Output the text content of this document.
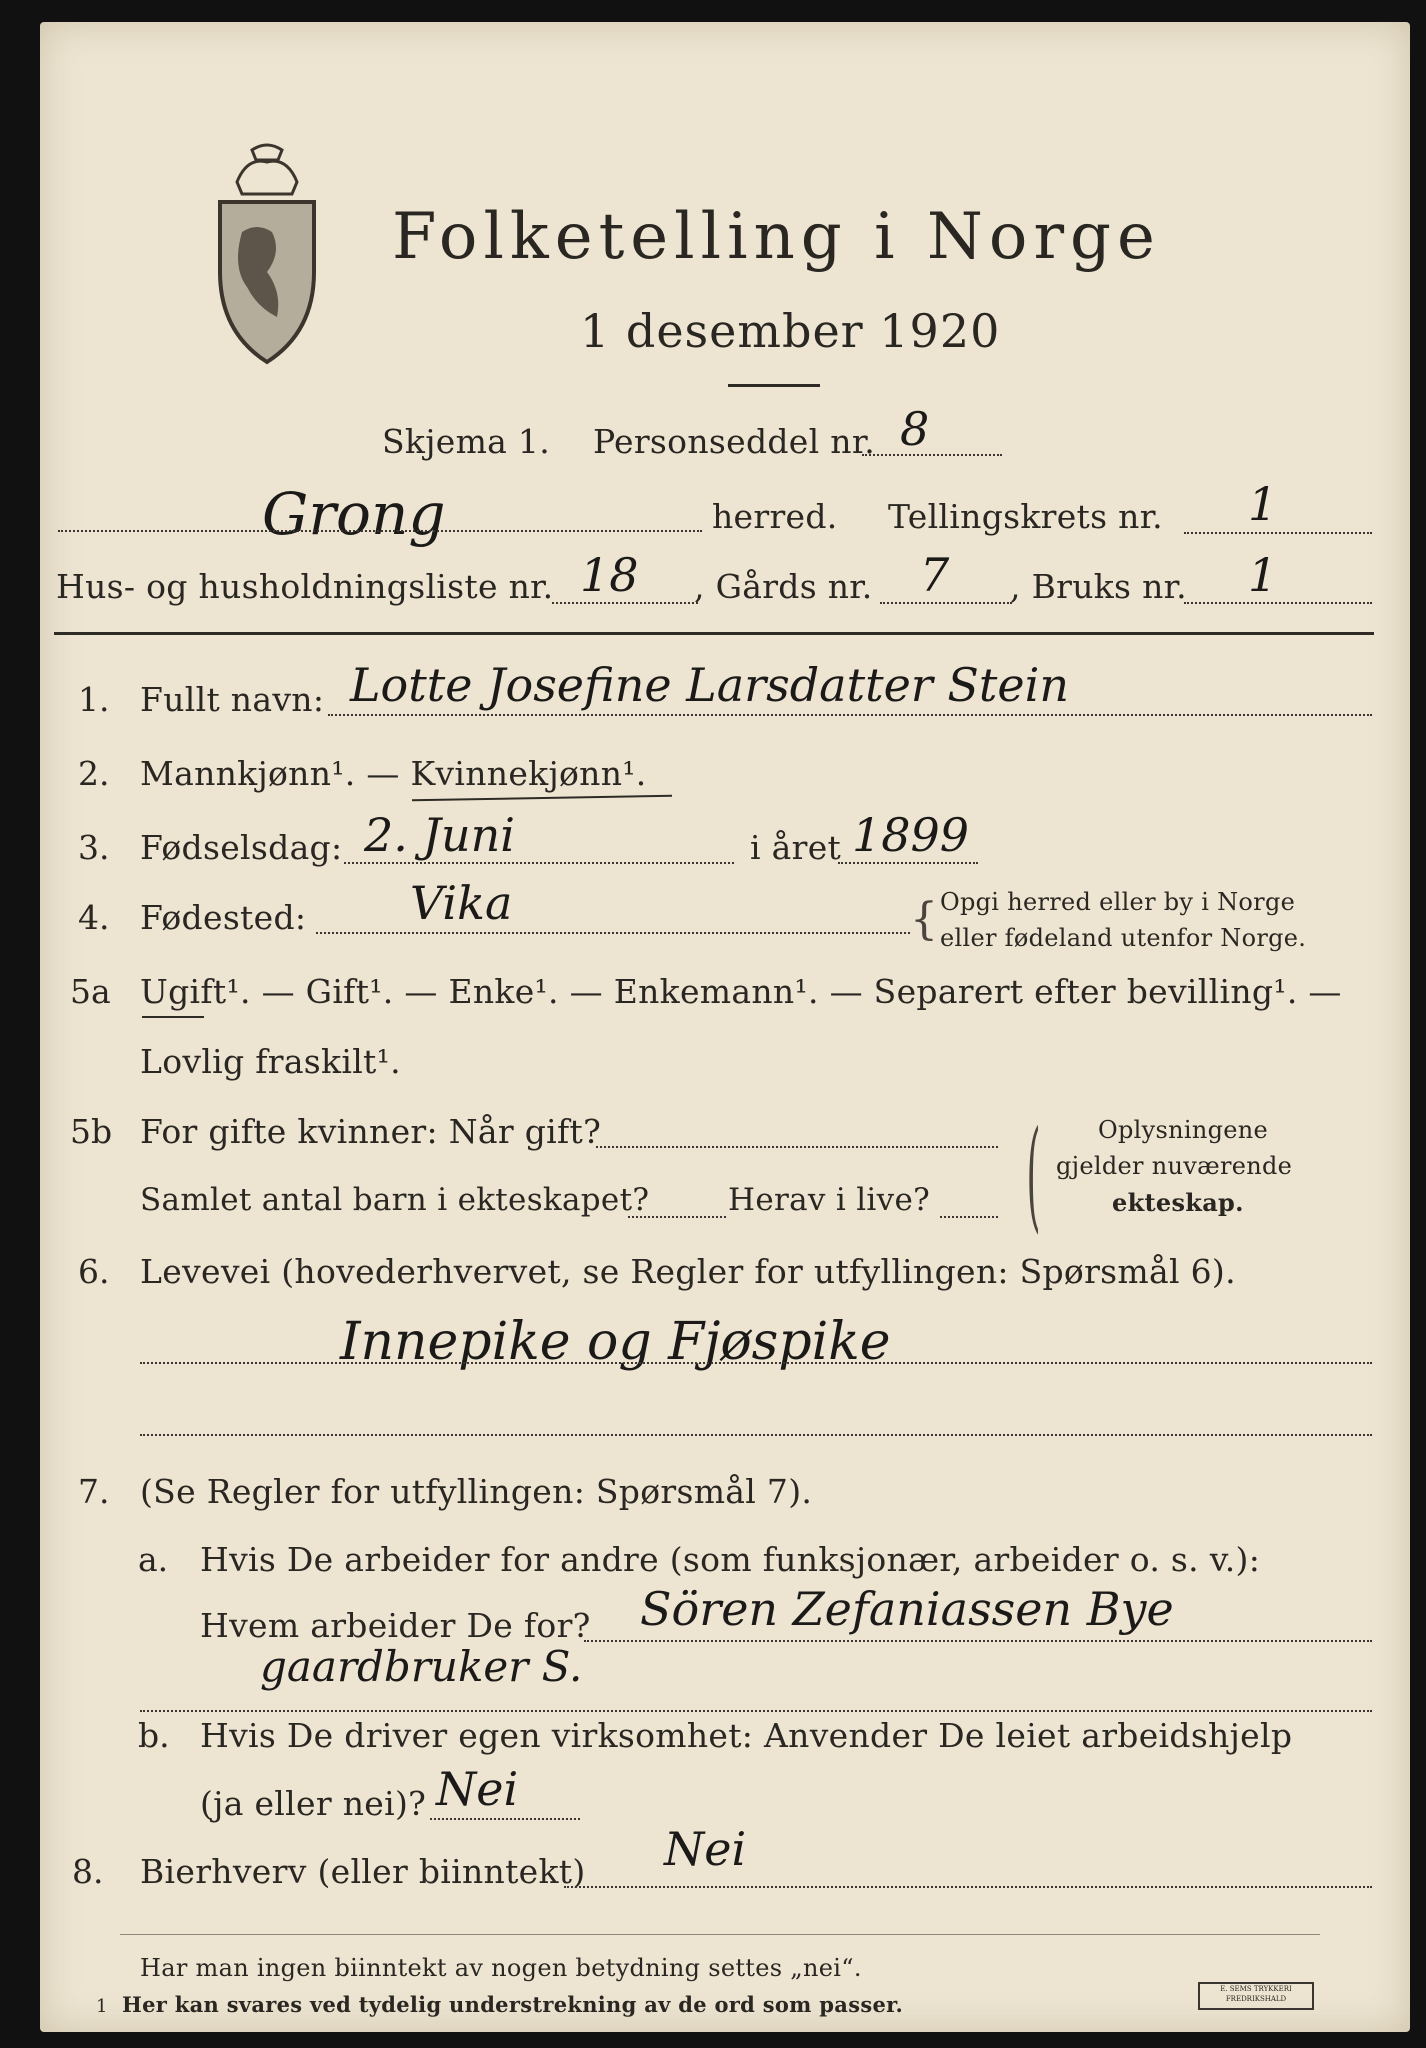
Folketelling i Norge
1 desember 1920
Skjema 1. Personseddel nr. 8
Grong	herred. Tellingskrets nr. 1
Hus- og husholdningsliste nr. 18 , Gårds nr. 7 , Bruks nr. 1
1. Fullt navn: Lotte Josefine Larsdatter Stein
2. Mannkjønn¹. — Kvinnekjønn¹.
3. Fødselsdag: 2. Juni	i året 1899
4. Fødested: Vika	{ Opgi herred eller by i Norge
eller fødeland utenfor Norge.
5a Ugift¹. — Gift¹. — Enke¹. — Enkemann¹. — Separert efter bevilling¹. —
Lovlig fraskilt¹.
5b For gifte kvinner: Når gift?
Samlet antal barn i ekteskapet?	Herav i live? ( Oplysningene
gjelder nuværende
ekteskap.
6. Levevei (hovederhvervet, se Regler for utfyllingen: Spørsmål 6).
Innepike og Fjøspike
7. (Se Regler for utfyllingen: Spørsmål 7).
a. Hvis De arbeider for andre (som funksjonær, arbeider o. s. v.):
Hvem arbeider De for? Sören Zefaniassen Bye
gaardbruker S.
b. Hvis De driver egen virksomhet: Anvender De leiet arbeidshjelp
(ja eller nei)? Nei
8. Bierhverv (eller biinntekt) Nei
Har man ingen biinntekt av nogen betydning settes „nei“.
1 Her kan svares ved tydelig understrekning av de ord som passer.
E. SEMS TRYKKERI FREDRIKSHALD
